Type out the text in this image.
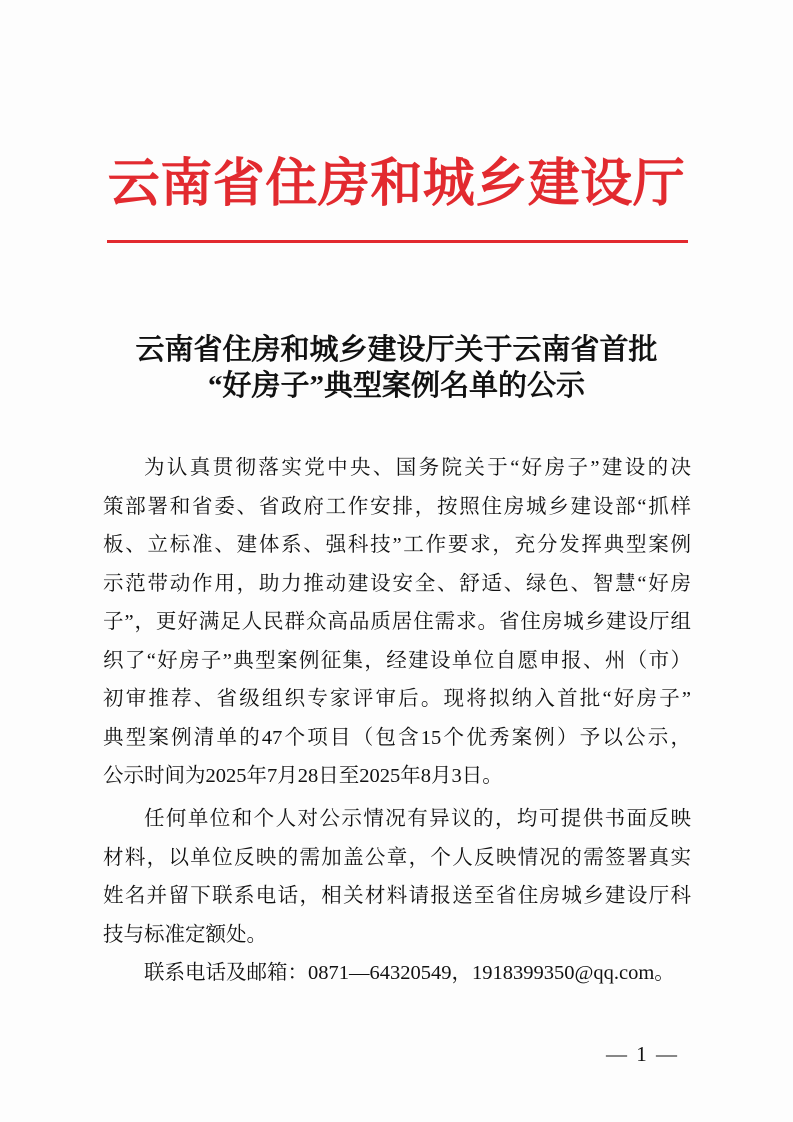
云南省住房和城乡建设厅
云南省住房和城乡建设厅关于云南省首批
“好房子”典型案例名单的公示
为认真贯彻落实党中央、国务院关于“好房子”建设的决
策部署和省委、省政府工作安排，按照住房城乡建设部“抓样
板、立标准、建体系、强科技”工作要求，充分发挥典型案例
示范带动作用，助力推动建设安全、舒适、绿色、智慧“好房
子”，更好满足人民群众高品质居住需求。省住房城乡建设厅组
织了“好房子”典型案例征集，经建设单位自愿申报、州（市）
初审推荐、省级组织专家评审后。现将拟纳入首批“好房子”
典型案例清单的47个项目（包含15个优秀案例）予以公示，
公示时间为2025年7月28日至2025年8月3日。
任何单位和个人对公示情况有异议的，均可提供书面反映
材料，以单位反映的需加盖公章，个人反映情况的需签署真实
姓名并留下联系电话，相关材料请报送至省住房城乡建设厅科
技与标准定额处。
联系电话及邮箱：0871—64320549，1918399350@qq.com。
— 1 —
